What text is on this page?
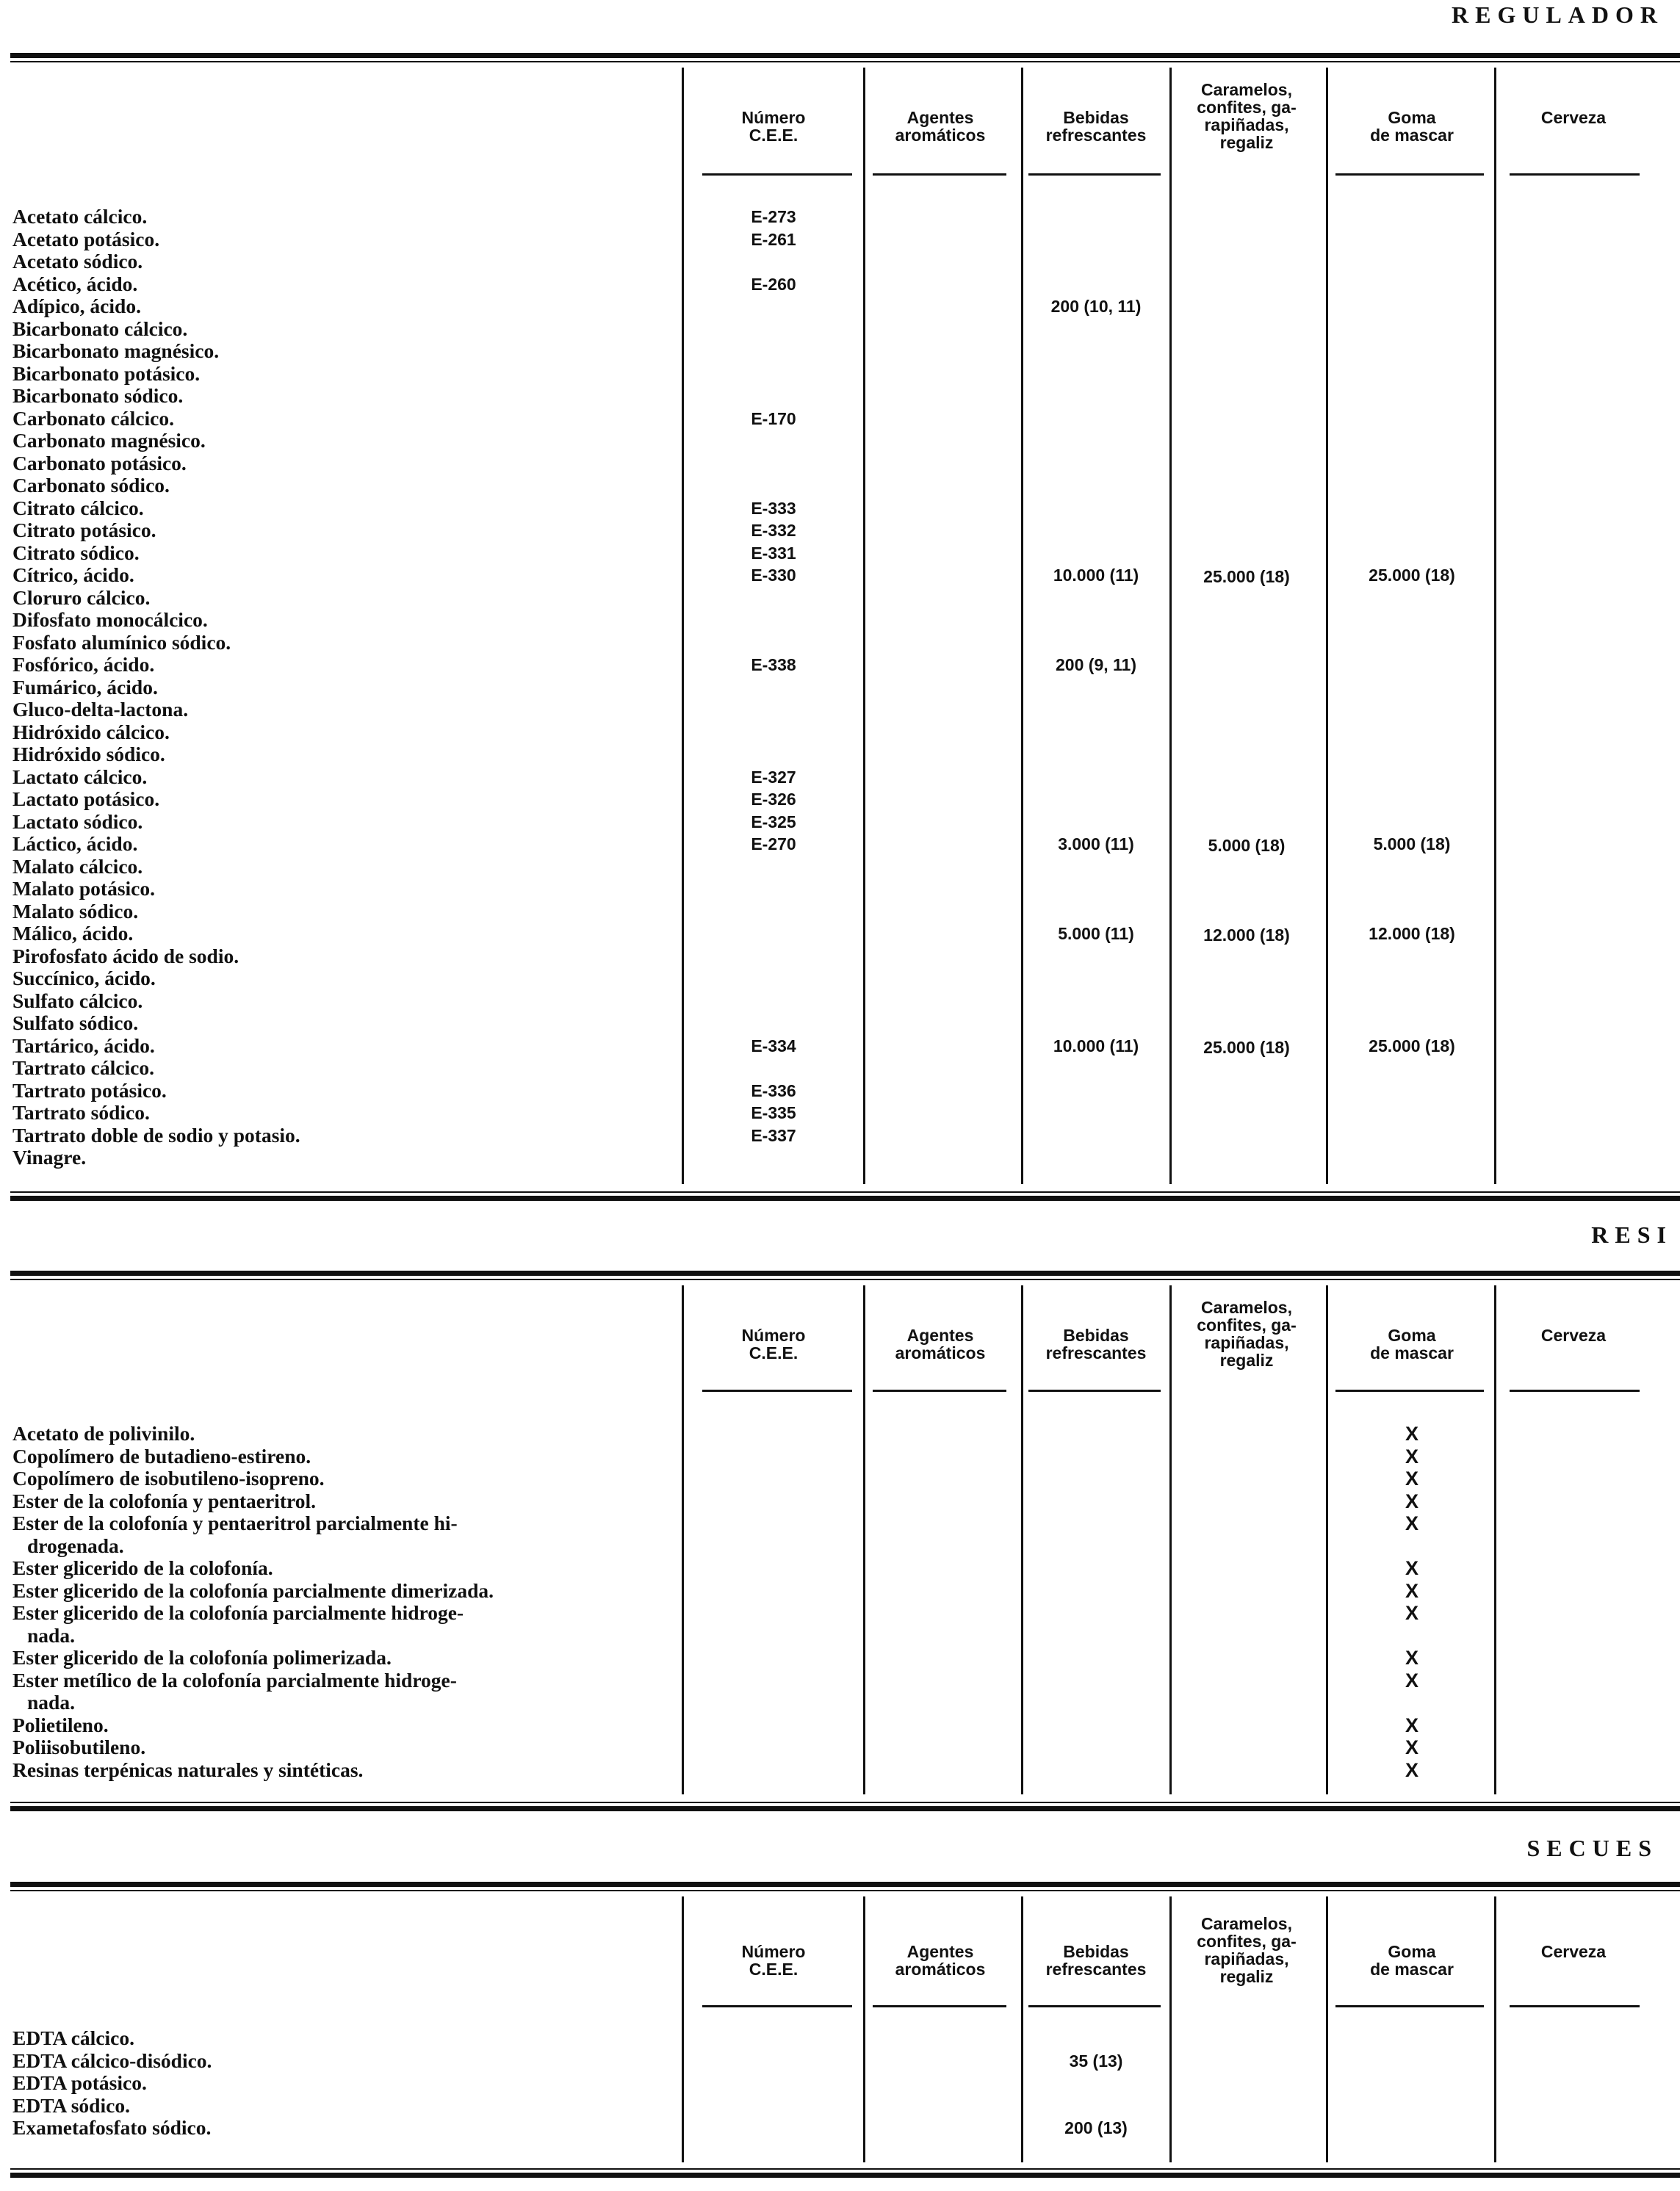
REGULADOR
Número
C.E.E.
Agentes
aromáticos
Bebidas
refrescantes
Caramelos,
confites, ga-
rapiñadas,
regaliz
Goma
de mascar
Cerveza
Acetato cálcico.
Acetato potásico.
Acetato sódico.
Acético, ácido.
Adípico, ácido.
Bicarbonato cálcico.
Bicarbonato magnésico.
Bicarbonato potásico.
Bicarbonato sódico.
Carbonato cálcico.
Carbonato magnésico.
Carbonato potásico.
Carbonato sódico.
Citrato cálcico.
Citrato potásico.
Citrato sódico.
Cítrico, ácido.
Cloruro cálcico.
Difosfato monocálcico.
Fosfato alumínico sódico.
Fosfórico, ácido.
Fumárico, ácido.
Gluco-delta-lactona.
Hidróxido cálcico.
Hidróxido sódico.
Lactato cálcico.
Lactato potásico.
Lactato sódico.
Láctico, ácido.
Malato cálcico.
Malato potásico.
Malato sódico.
Málico, ácido.
Pirofosfato ácido de sodio.
Succínico, ácido.
Sulfato cálcico.
Sulfato sódico.
Tartárico, ácido.
Tartrato cálcico.
Tartrato potásico.
Tartrato sódico.
Tartrato doble de sodio y potasio.
Vinagre.
E-273
E-261
E-260
E-170
E-333
E-332
E-331
E-330
E-338
E-327
E-326
E-325
E-270
E-334
E-336
E-335
E-337
200 (10, 11)
10.000 (11)
200 (9, 11)
3.000 (11)
5.000 (11)
10.000 (11)
25.000 (18)
5.000 (18)
12.000 (18)
25.000 (18)
25.000 (18)
5.000 (18)
12.000 (18)
25.000 (18)
RESI
Número
C.E.E.
Agentes
aromáticos
Bebidas
refrescantes
Caramelos,
confites, ga-
rapiñadas,
regaliz
Goma
de mascar
Cerveza
Acetato de polivinilo.
Copolímero de butadieno-estireno.
Copolímero de isobutileno-isopreno.
Ester de la colofonía y pentaeritrol.
Ester de la colofonía y pentaeritrol parcialmente hi-
drogenada.
Ester glicerido de la colofonía.
Ester glicerido de la colofonía parcialmente dimerizada.
Ester glicerido de la colofonía parcialmente hidroge-
nada.
Ester glicerido de la colofonía polimerizada.
Ester metílico de la colofonía parcialmente hidroge-
nada.
Polietileno.
Poliisobutileno.
Resinas terpénicas naturales y sintéticas.
X
X
X
X
X
X
X
X
X
X
X
X
X
SECUES
Número
C.E.E.
Agentes
aromáticos
Bebidas
refrescantes
Caramelos,
confites, ga-
rapiñadas,
regaliz
Goma
de mascar
Cerveza
EDTA cálcico.
EDTA cálcico-disódico.
EDTA potásico.
EDTA sódico.
Exametafosfato sódico.
35 (13)
200 (13)
